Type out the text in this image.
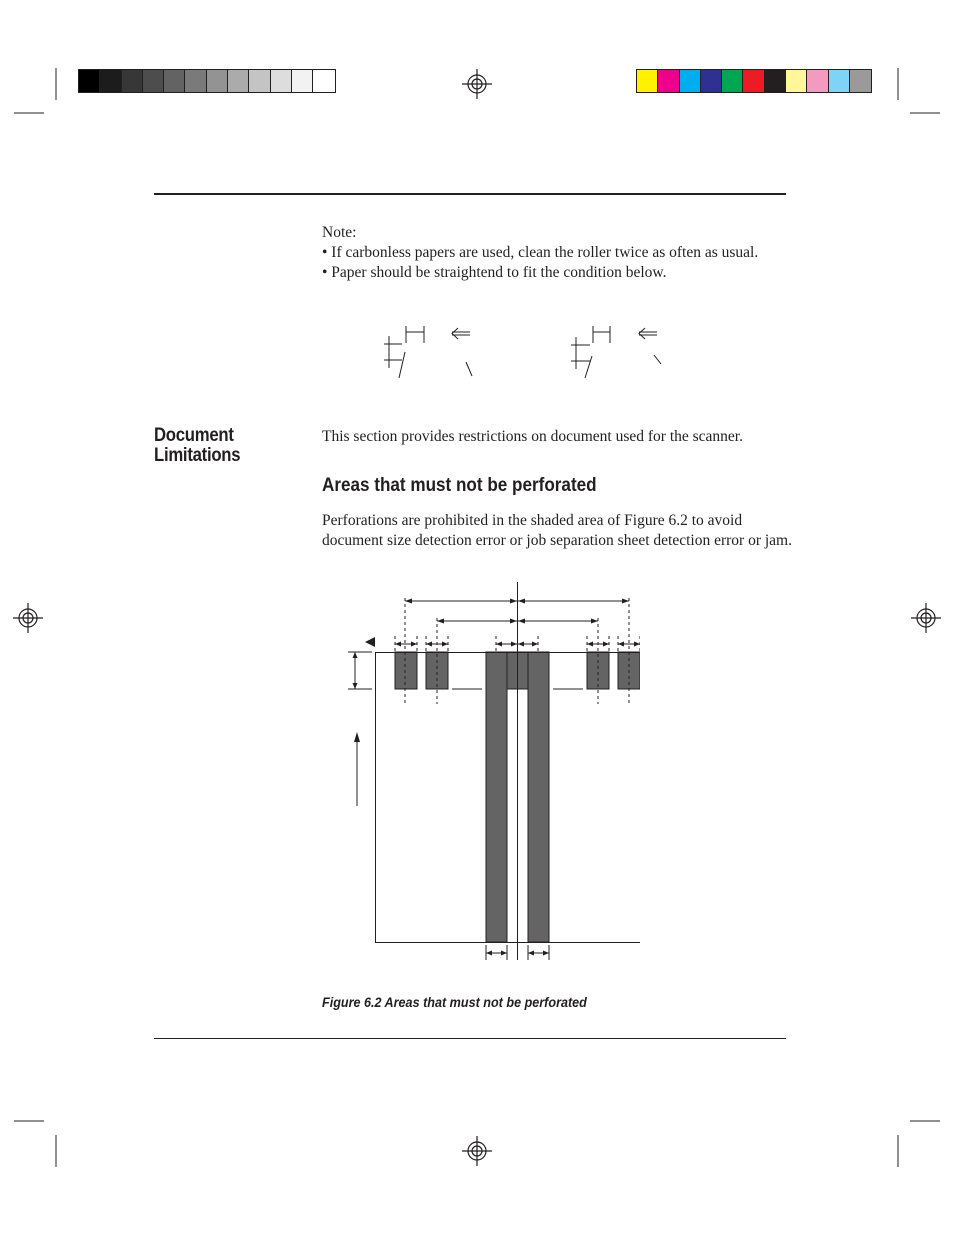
Note:
• If carbonless papers are used, clean the roller twice as often as usual.
• Paper should be straightend to fit the condition below.
Document
Limitations
This section provides restrictions on document used for the scanner.
Areas that must not be perforated
Perforations are prohibited in the shaded area of Figure 6.2 to avoid document size detection error or job separation sheet detection error or jam.
Figure 6.2 Areas that must not be perforated
